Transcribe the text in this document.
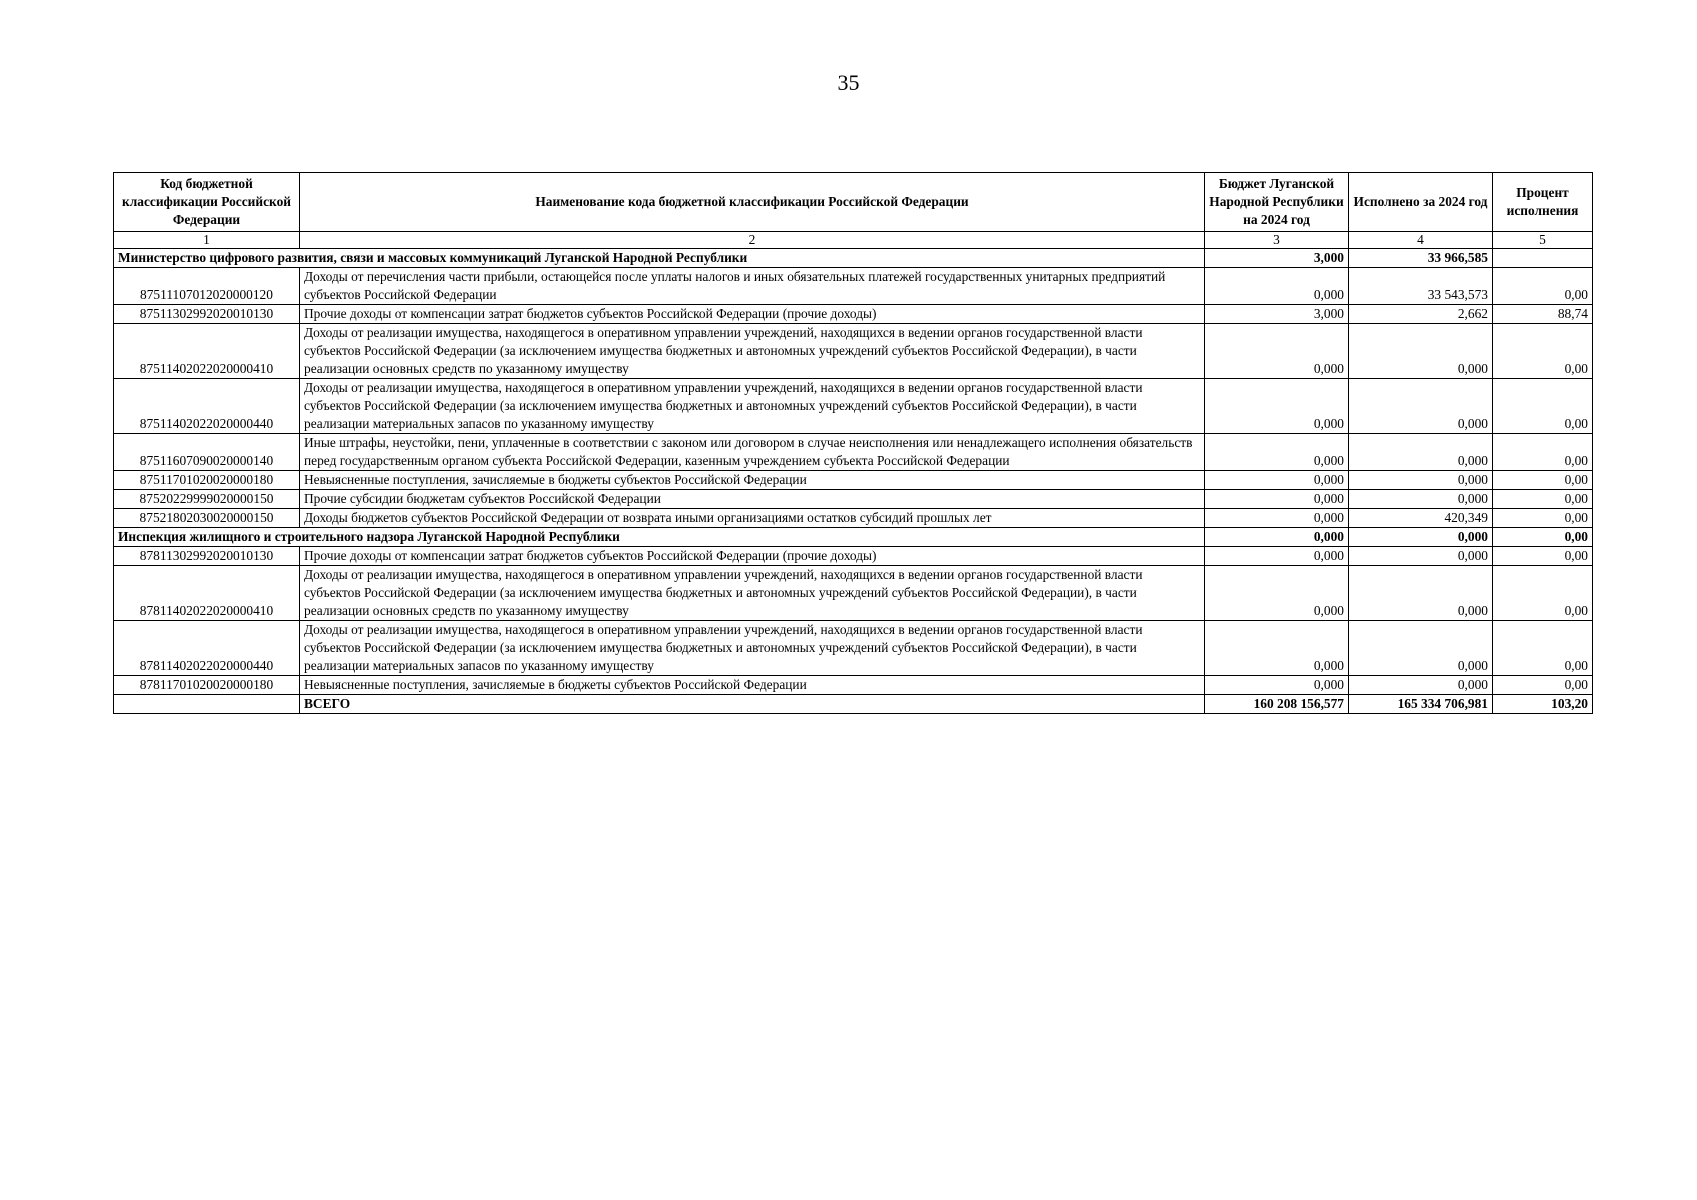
35
Код бюджетной классификации Российской Федерации	Наименование кода бюджетной классификации Российской Федерации	Бюджет Луганской Народной Республики на 2024 год	Исполнено за 2024 год	Процент исполнения
1	2	3	4	5
Министерство цифрового развития, связи и массовых коммуникаций Луганской Народной Республики		3,000	33 966,585	
87511107012020000120	Доходы от перечисления части прибыли, остающейся после уплаты налогов и иных обязательных платежей государственных унитарных предприятий субъектов Российской Федерации	0,000	33 543,573	0,00
87511302992020010130	Прочие доходы от компенсации затрат бюджетов субъектов Российской Федерации (прочие доходы)	3,000	2,662	88,74
87511402022020000410	Доходы от реализации имущества, находящегося в оперативном управлении учреждений, находящихся в ведении органов государственной власти субъектов Российской Федерации (за исключением имущества бюджетных и автономных учреждений субъектов Российской Федерации), в части реализации основных средств по указанному имуществу	0,000	0,000	0,00
87511402022020000440	Доходы от реализации имущества, находящегося в оперативном управлении учреждений, находящихся в ведении органов государственной власти субъектов Российской Федерации (за исключением имущества бюджетных и автономных учреждений субъектов Российской Федерации), в части реализации материальных запасов по указанному имуществу	0,000	0,000	0,00
87511607090020000140	Иные штрафы, неустойки, пени, уплаченные в соответствии с законом или договором в случае неисполнения или ненадлежащего исполнения обязательств перед государственным органом субъекта Российской Федерации, казенным учреждением субъекта Российской Федерации	0,000	0,000	0,00
87511701020020000180	Невыясненные поступления, зачисляемые в бюджеты субъектов Российской Федерации	0,000	0,000	0,00
87520229999020000150	Прочие субсидии бюджетам субъектов Российской Федерации	0,000	0,000	0,00
87521802030020000150	Доходы бюджетов субъектов Российской Федерации от возврата иными организациями остатков субсидий прошлых лет	0,000	420,349	0,00
Инспекция жилищного и строительного надзора Луганской Народной Республики		0,000	0,000	0,00
87811302992020010130	Прочие доходы от компенсации затрат бюджетов субъектов Российской Федерации (прочие доходы)	0,000	0,000	0,00
87811402022020000410	Доходы от реализации имущества, находящегося в оперативном управлении учреждений, находящихся в ведении органов государственной власти субъектов Российской Федерации (за исключением имущества бюджетных и автономных учреждений субъектов Российской Федерации), в части реализации основных средств по указанному имуществу	0,000	0,000	0,00
87811402022020000440	Доходы от реализации имущества, находящегося в оперативном управлении учреждений, находящихся в ведении органов государственной власти субъектов Российской Федерации (за исключением имущества бюджетных и автономных учреждений субъектов Российской Федерации), в части реализации материальных запасов по указанному имуществу	0,000	0,000	0,00
87811701020020000180	Невыясненные поступления, зачисляемые в бюджеты субъектов Российской Федерации	0,000	0,000	0,00
	ВСЕГО	160 208 156,577	165 334 706,981	103,20
